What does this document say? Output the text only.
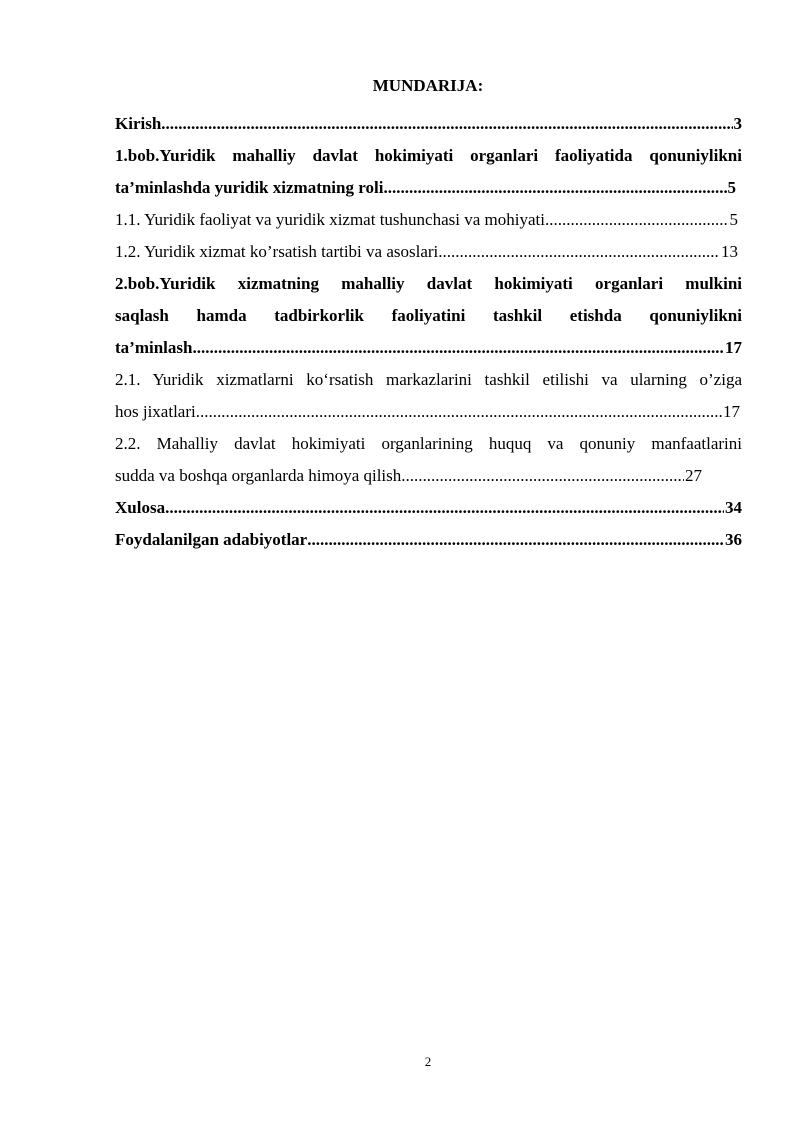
MUNDARIJA:
Kirish .....	3
1.bob.Yuridik mahalliy davlat hokimiyati organlari faoliyatida qonuniylikni
ta’minlashda yuridik xizmatning roli .....	5
1.1. Yuridik faoliyat va yuridik xizmat tushunchasi va mohiyati .....	5
1.2. Yuridik xizmat ko’rsatish tartibi va asoslari .....	13
2.bob.Yuridik xizmatning mahalliy davlat hokimiyati organlari mulkini
saqlash hamda tadbirkorlik faoliyatini tashkil etishda qonuniylikni
ta’minlash .....	17
2.1. Yuridik xizmatlarni ko‘rsatish markazlarini tashkil etilishi va ularning o’ziga
hos jixatlari .....	17
2.2. Mahalliy davlat hokimiyati organlarining huquq va qonuniy manfaatlarini
sudda va boshqa organlarda himoya qilish .....	27
Xulosa .....	34
Foydalanilgan adabiyotlar .....	36
2
